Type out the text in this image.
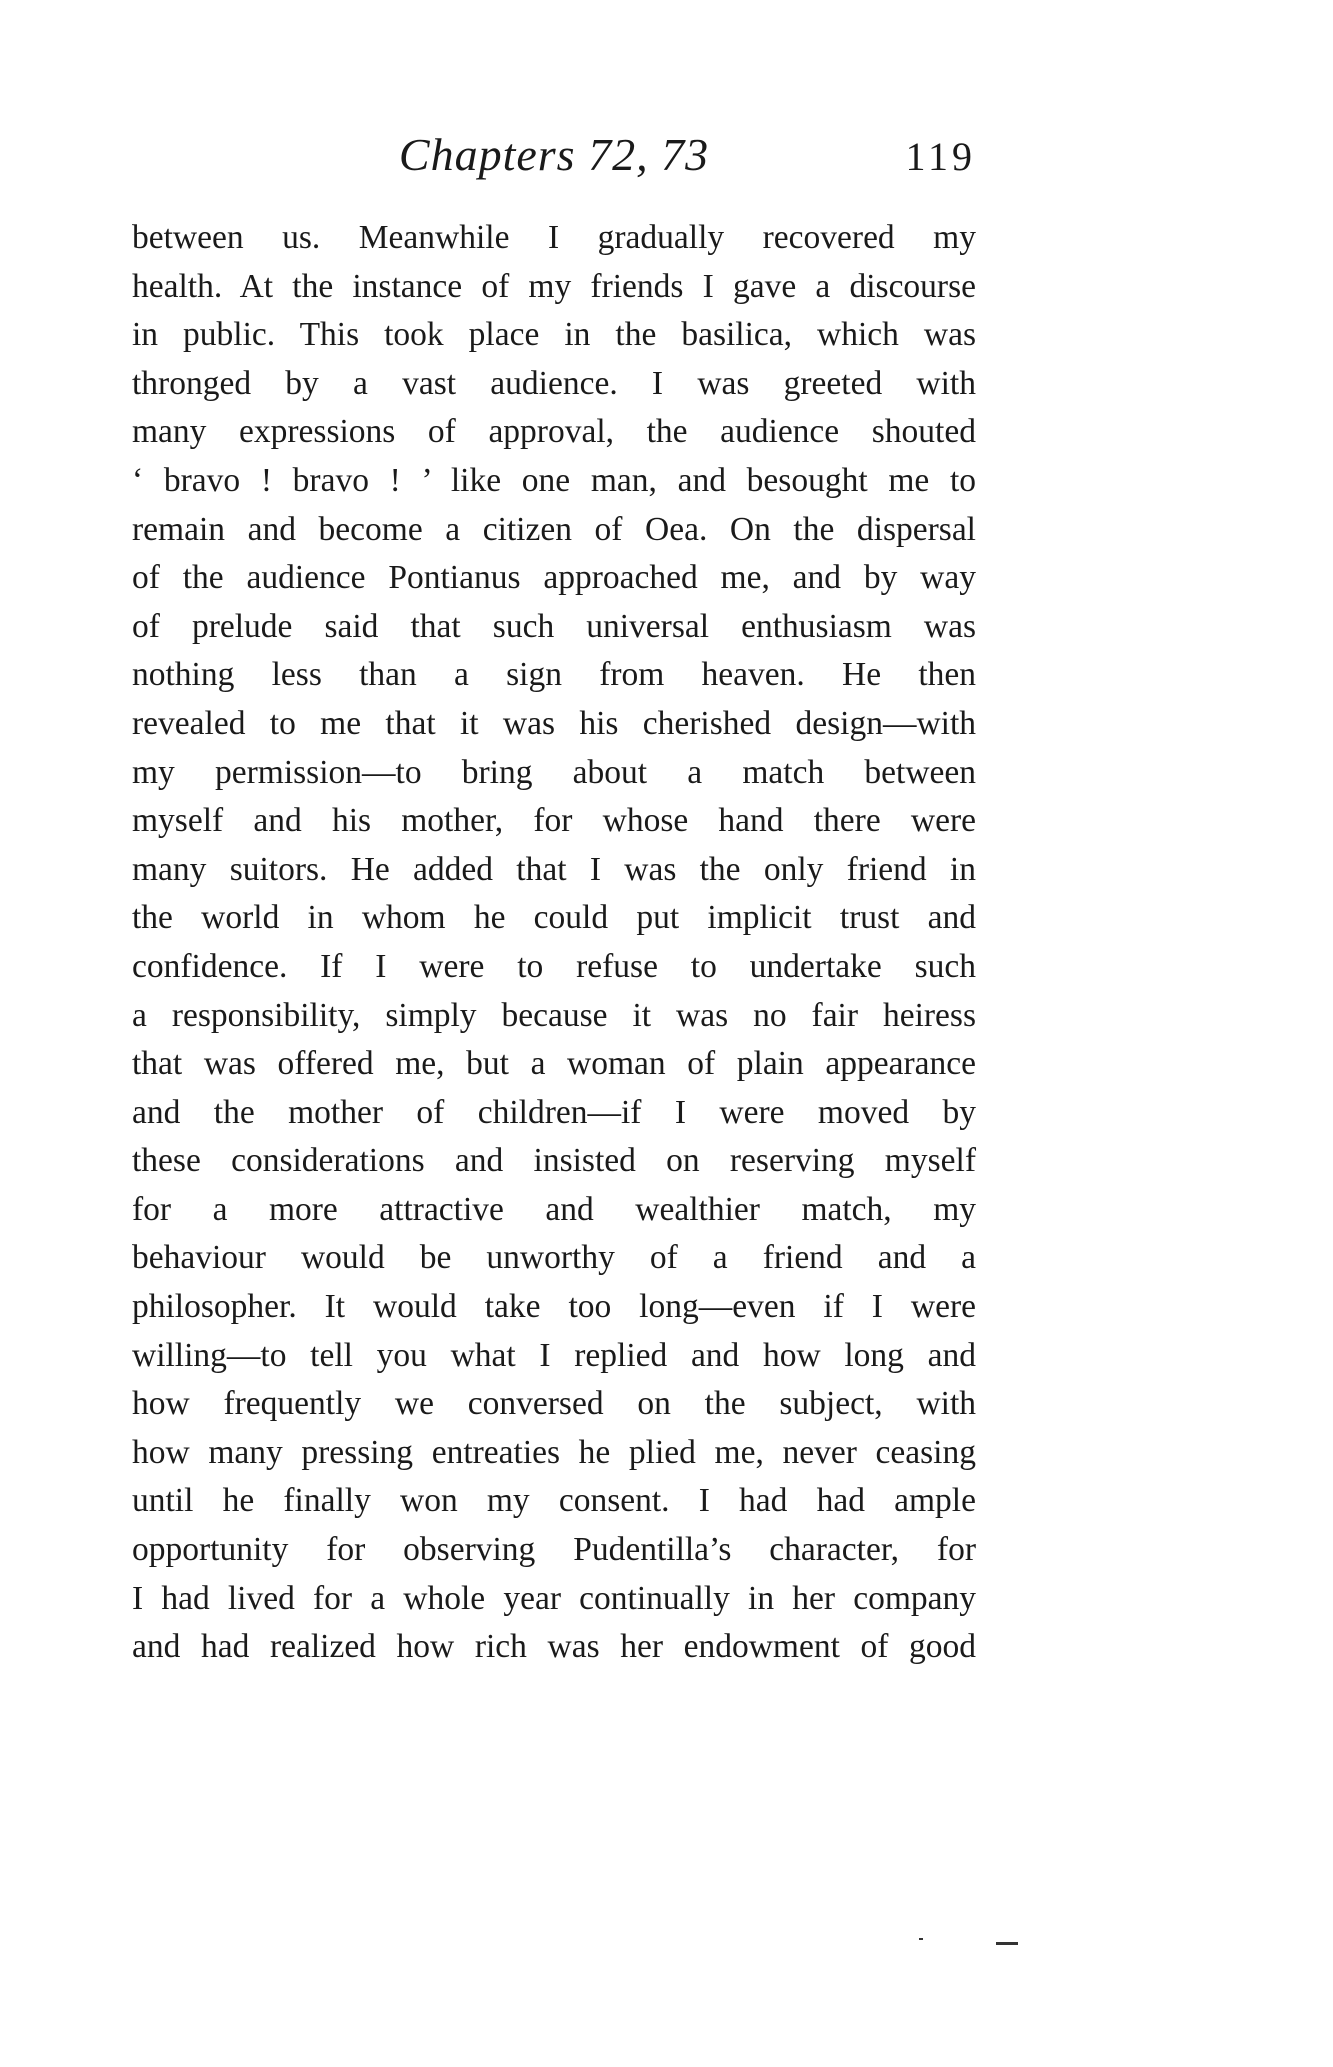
Chapters 72, 73	119
between us. Meanwhile I gradually recovered my
health. At the instance of my friends I gave a discourse
in public. This took place in the basilica, which was
thronged by a vast audience. I was greeted with
many expressions of approval, the audience shouted
‘ bravo ! bravo ! ’ like one man, and besought me to
remain and become a citizen of Oea. On the dispersal
of the audience Pontianus approached me, and by way
of prelude said that such universal enthusiasm was
nothing less than a sign from heaven. He then
revealed to me that it was his cherished design—with
my permission—to bring about a match between
myself and his mother, for whose hand there were
many suitors. He added that I was the only friend in
the world in whom he could put implicit trust and
confidence. If I were to refuse to undertake such
a responsibility, simply because it was no fair heiress
that was offered me, but a woman of plain appearance
and the mother of children—if I were moved by
these considerations and insisted on reserving myself
for a more attractive and wealthier match, my
behaviour would be unworthy of a friend and a
philosopher. It would take too long—even if I were
willing—to tell you what I replied and how long and
how frequently we conversed on the subject, with
how many pressing entreaties he plied me, never ceasing
until he finally won my consent. I had had ample
opportunity for observing Pudentilla’s character, for
I had lived for a whole year continually in her company
and had realized how rich was her endowment of good
